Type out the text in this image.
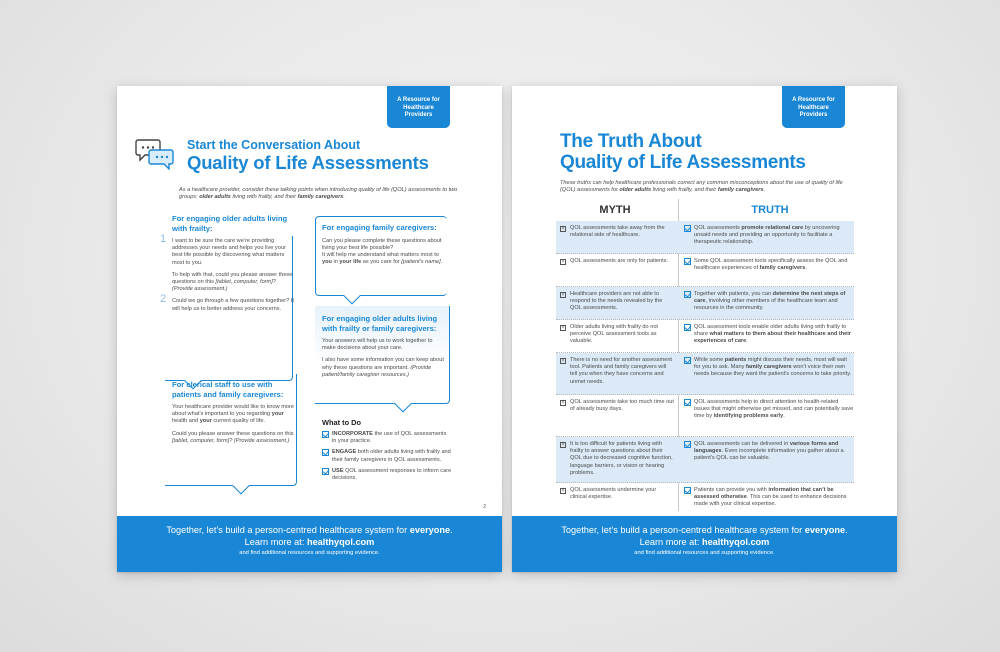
A Resource for
Healthcare
Providers
Start the Conversation About
Quality of Life Assessments
As a healthcare provider, consider these talking points when introducing quality of life (QOL) assessments to two groups: older adults living with frailty, and their family caregivers.
For engaging older adults living with frailty:
1 I want to be sure the care we’re providing addresses your needs and helps you live your best life possible by discovering what matters most to you.
To help with that, could you please answer these questions on this [tablet, computer, form]? (Provide assessment.)
2 Could we go through a few questions together? It will help us to better address your concerns.
For engaging family caregivers:
Can you please complete these questions about living your best life possible?
It will help me understand what matters most to you in your life as you care for [patient’s name].
For engaging older adults living with frailty or family caregivers:
Your answers will help us to work together to make decisions about your care.
I also have some information you can keep about why these questions are important. (Provide patient/family caregiver resources.)
For clerical staff to use with patients and family caregivers:
Your healthcare provider would like to know more about what’s important to you regarding your health and your current quality of life.
Could you please answer these questions on this [tablet, computer, form]? (Provide assessment.)
What to Do
INCORPORATE the use of QOL assessments in your practice.
ENGAGE both older adults living with frailty and their family caregivers in QOL assessments.
USE QOL assessment responses to inform care decisions.
2
Together, let’s build a person-centred healthcare system for everyone.
Learn more at: healthyqol.com
and find additional resources and supporting evidence.
A Resource for
Healthcare
Providers
The Truth About
Quality of Life Assessments
These truths can help healthcare professionals correct any common misconceptions about the use of quality of life (QOL) assessments for older adults living with frailty, and their family caregivers.
MYTH	TRUTH
× QOL assessments take away from the relational side of healthcare.
QOL assessments promote relational care by uncovering unsaid needs and providing an opportunity to facilitate a therapeutic relationship.
× QOL assessments are only for patients.	Some QOL assessment tools specifically assess the QOL and healthcare experiences of family caregivers.
× Healthcare providers are not able to respond to the needs revealed by the QOL assessments.
Together with patients, you can determine the next steps of care, involving other members of the healthcare team and resources in the community.
× Older adults living with frailty do not perceive QOL assessment tools as valuable.
QOL assessment tools enable older adults living with frailty to share what matters to them about their healthcare and their experiences of care.
× There is no need for another assessment tool. Patients and family caregivers will tell you when they have concerns and unmet needs.
While some patients might discuss their needs, most will wait for you to ask. Many family caregivers won’t voice their own needs because they want the patient’s concerns to take priority.
× QOL assessments take too much time out of already busy days.
QOL assessments help to direct attention to health-related issues that might otherwise get missed, and can potentially save time by identifying problems early.
× It is too difficult for patients living with frailty to answer questions about their QOL due to decreased cognitive function, language barriers, or vision or hearing problems.
QOL assessments can be delivered in various forms and languages. Even incomplete information you gather about a patient’s QOL can be valuable.
× QOL assessments undermine your clinical expertise.
Patients can provide you with information that can’t be assessed otherwise. This can be used to enhance decisions made with your clinical expertise.
Together, let’s build a person-centred healthcare system for everyone.
Learn more at: healthyqol.com
and find additional resources and supporting evidence.
